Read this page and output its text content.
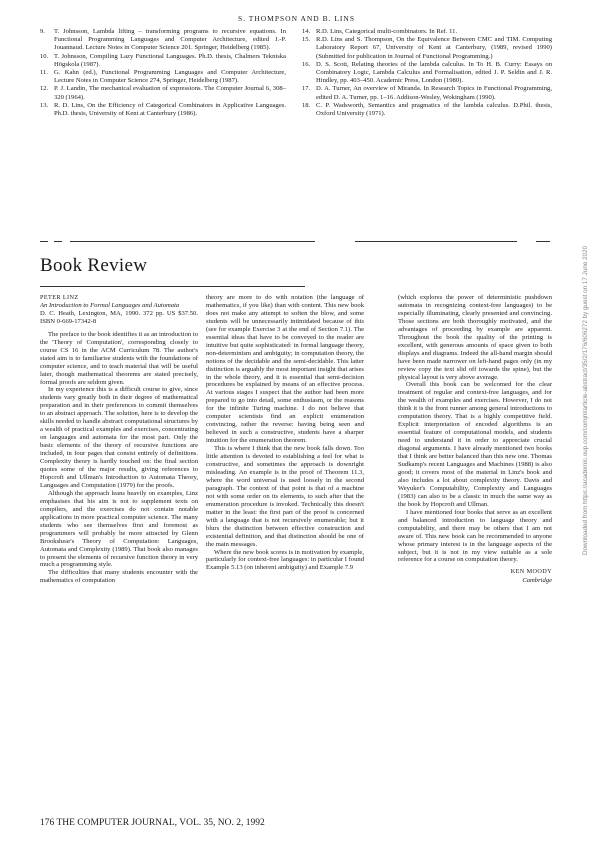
S. THOMPSON AND B. LINS
9. T. Johnsson, Lambda lifting – transforming programs to recursive equations. In Functional Programming Languages and Computer Architecture, edited J.-P. Jouannaud. Lecture Notes in Computer Science 201. Springer, Heidelberg (1985).
10. T. Johnsson, Compiling Lazy Functional Languages. Ph.D. thesis, Chalmers Tekniska Högskola (1987).
11. G. Kahn (ed.), Functional Programming Languages and Computer Architecture, Lecture Notes in Computer Science 274, Springer, Heidelberg (1987).
12. P. J. Landin, The mechanical evaluation of expressions. The Computer Journal 6, 308–320 (1964).
13. R. D. Lins, On the Efficiency of Categorical Combinators in Applicative Languages. Ph.D. thesis, University of Kent at Canterbury (1986).
14. R.D. Lins, Categorical multi-combinators. In Ref. 11.
15. R.D. Lins and S. Thompson, On the Equivalence Between CMC and TIM. Computing Laboratory Report 67, University of Kent at Canterbury, (1989, revised 1990) (Submitted for publication in Journal of Functional Programming.)
16. D. S. Scott, Relating theories of the lambda calculus. In To H. B. Curry: Essays on Combinatory Logic, Lambda Calculus and Formalisation, edited J. P. Seldin and J. R. Hindley, pp. 403–450. Academic Press, London (1980).
17. D. A. Turner, An overview of Miranda. In Research Topics in Functional Programming, edited D. A. Turner, pp. 1–16. Addison-Wesley, Wokingham (1990).
18. C. P. Wadsworth, Semantics and pragmatics of the lambda calculus. D.Phil. thesis, Oxford University (1971).
Book Review

PETER LINZ

An Introduction to Formal Languages and Automata

D. C. Heath, Lexington, MA, 1990. 372 pp. US $37.50. ISBN 0-669-17342-8

The preface to the book identifies it as an introduction to the 'Theory of Computation', corresponding closely to course CS 16 in the ACM Curriculum 78. The author's stated aim is to familiarise students with the foundations of computer science, and to teach material that will be useful later, though mathematical theorems are stated precisely, formal proofs are seldom given.

In my experience this is a difficult course to give, since students vary greatly both in their degree of mathematical preparation and in their preferences to commit themselves to an abstract approach. The solution, here is to develop the skills needed to handle abstract computational structures by a wealth of practical examples and exercises, concentrating on languages and automata for the most part. Only the basic elements of the theory of recursive functions are included, in four pages that consist entirely of definitions. Complexity theory is hardly touched on: the final section quotes some of the major results, giving references to Hopcroft and Ullman's Introduction to Automata Theory, Languages and Computation (1979) for the proofs.

Although the approach leans heavily on examples, Linz emphasises that his aim is not to supplement texts on compilers, and the exercises do not contain notable applications in more practical computer science. The many students who see themselves first and foremost as programmers will probably be more attracted by Glenn Brookshear's Theory of Computation: Languages, Automata and Complexity (1989). That book also manages to present the elements of recursive function theory in very much a programming style.

The difficulties that many students encounter with the mathematics of computation

theory are more to do with notation (the language of mathematics, if you like) than with content. This new book does not make any attempt to soften the blow, and some students will be unnecessarily intimidated because of this (see for example Exercise 3 at the end of Section 7.1). The essential ideas that have to be conveyed to the reader are intuitive but quite sophisticated: in formal language theory, non-determinism and ambiguity; in computation theory, the notions of the decidable and the semi-decidable. This latter distinction is arguably the most important insight that arises in the whole theory, and it is essential that semi-decision procedures be explained by means of an effective process. At various stages I suspect that the author had been more prepared to go into detail, some enthusiasm, or the reasons for the infinite Turing machine. I do not believe that computer scientists find an explicit enumeration convincing, rather the reverse: having being seen and believed in such a constructive, students have a sharper intuition for the enumeration theorem.

This is where I think that the new book falls down. Too little attention is devoted to establishing a feel for what is constructive, and sometimes the approach is downright misleading. An example is in the proof of Theorem 11.3, where the word universal is used loosely in the second paragraph. The context of that point is that of a machine not with some order on its elements, to such after that the enumeration procedure is invoked. Technically this doesn't matter in the least: the first part of the proof is concerned with a language that is not recursively enumerable; but it blurs the distinction between effective construction and existential definition, and that distinction should be one of the main messages.

Where the new book scores is in motivation by example, particularly for context-free languages: in particular I found Example 5.13 (on inherent ambiguity) and Example 7.9

(which explores the power of deterministic pushdown automata in recognizing context-free languages) to be especially illuminating, clearly presented and convincing. Those sections are both thoroughly motivated, and the advantages of proceeding by example are apparent. Throughout the book the quality of the printing is excellent, with generous amounts of space given to both displays and diagrams. Indeed the all-hand margin should have been made narrower on left-hand pages only (in my review copy the text slid off towards the spine), but the physical layout is very above average.

Overall this book can be welcomed for the clear treatment of regular and context-free languages, and for the wealth of examples and exercises. However, I do not think it is the front runner among general introductions to computation theory. That is a highly competitive field. Explicit interpretation of encoded algorithms is an essential feature of computational models, and students need to understand it in order to appreciate crucial diagonal arguments. I have already mentioned two books that I think are better balanced than this new one. Thomas Sudkamp's recent Languages and Machines (1988) is also good; it covers most of the material in Linz's book and also includes a lot about complexity theory. Davis and Weyuker's Computability, Complexity and Languages (1983) can also to be a classic in much the same way as the book by Hopcroft and Ullman.

I have mentioned four books that serve as an excellent and balanced introduction to language theory and computability, and there may be others that I am not aware of. This new book can be recommended to anyone whose primary interest is in the language aspects of the subject, but it is not in my view suitable as a sole reference for a course on computation theory.

KEN MOODY
Cambridge
176 THE COMPUTER JOURNAL, VOL. 35, NO. 2, 1992
Downloaded from https://academic.oup.com/comjnl/article-abstract/35/2/176/606272 by guest on 17 June 2020
